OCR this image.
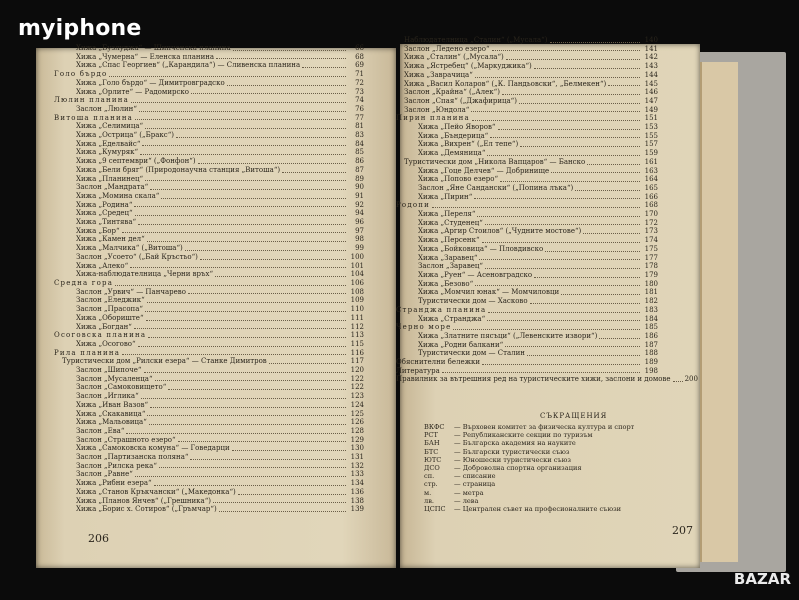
myiphone
Хижа „Бузлуджа“ — Шипченска планина	66
Хижа „Чумерна“ — Еленска планина	68
Хижа „Спас Георгиев“ („Карандила“) — Сливенска планина	69
Голо бърдо	71
Хижа „Голо бърдо“ — Димитровградско	72
Хижа „Орлите“ — Радомирско	73
Люлин планина	74
Заслон „Люлин“	76
Витоша планина	77
Хижа „Селимица“	81
Хижа „Острица“ („Бракс“)	83
Хижа „Еделвайс“	84
Хижа „Кумуряк“	85
Хижа „9 септември“ („Фонфон“)	86
Хижа „Бели бряг“ (Природонаучна станция „Витоша“)	87
Хижа „Планинец“	89
Заслон „Мандрата“	90
Хижа „Момина скала“	91
Хижа „Родина“	92
Хижа „Средец“	94
Хижа „Тинтява“	96
Хижа „Бор“	97
Хижа „Камен дел“	98
Хижа „Малчика“ („Витоша“)	99
Заслон „Усоето“ („Бай Кръстьо“)	100
Хижа „Алеко“	101
Хижа-наблюдателница „Черни връх“	104
Средна гора	106
Заслон „Урвич“ — Панчарево	108
Заслон „Еледжик“	109
Заслон „Прасопа“	110
Хижа „Обориште“	111
Хижа „Богдан“	112
Осоговска планина	113
Хижа „Осогово“	115
Рила планина	116
Туристически дом „Рилски езера“ — Станке Димитров	117
Заслон „Шипоче“	120
Заслон „Мусаленца“	122
Заслон „Самоковището“	122
Заслон „Иглика“	123
Хижа „Иван Вазов“	124
Хижа „Скакавица“	125
Хижа „Мальовица“	126
Заслон „Ева“	128
Заслон „Страшното езеро“	129
Хижа „Самоковска комуна“ — Говедарци	130
Заслон „Партизанска поляна“	131
Заслон „Рилска река“	132
Заслон „Равне“	133
Хижа „Рибни езера“	134
Хижа „Станов Кръкчански“ („Македонка“)	136
Хижа „Планов Янчев“ („Грешника“)	138
Хижа „Борис х. Сотиров“ („Гръмчар“)	139
Наблюдателница „Сталин“ („Мусала“)	140
Заслон „Ледено езеро“	141
Хижа „Сталин“ („Мусала“)	142
Хижа „Ястребец“ („Маркуджика“)	143
Хижа „Заврачица“	144
Хижа „Васил Коларов“ („К. Пандьовски“, „Белмекен“)	145
Заслон „Крайна“ („Алек“)	146
Заслон „Спая“ („Джафирица“)	147
Заслон „Юндола“	149
Пирин планина	151
Хижа „Пейо Яворов“	153
Хижа „Бъндерица“	155
Хижа „Вихрен“ („Ел тепе“)	157
Хижа „Демяница“	159
Туристически дом „Никола Вапцаров“ — Банско	161
Хижа „Гоце Делчев“ — Добринище	163
Хижа „Попово езеро“	164
Заслон „Яне Сандански“ („Попина лъка“)	165
Хижа „Пирин“	166
Родопи	168
Хижа „Переля“	170
Хижа „Студенец“	172
Хижа „Аргир Стоилов“ („Чудните мостове“)	173
Хижа „Персенк“	174
Хижа „Бойковица“ — Пловдивско	175
Хижа „Заравец“	177
Заслон „Заравец“	178
Хижа „Руен“ — Асеновградско	179
Хижа „Безово“	180
Хижа „Момчил юнак“ — Момчиловци	181
Туристически дом — Хасково	182
Странджа планина	183
Хижа „Странджа“	184
Черно море	185
Хижа „Златните пясъци“ („Левенските извори“)	186
Хижа „Родни балкани“	187
Туристически дом — Сталин	188
Обяснителни бележки	189
Литература	198
Правилник за вътрешния ред на туристическите хижи, заслони и домове 200
206
207
СЪКРАЩЕНИЯ
ВКФС	— Върховен комитет за физическа култура и спорт
РСТ	— Републиканските секции по туризъм
БАН	— Българска академия на науките
БТС	— Български туристически съюз
ЮТС	— Юношески туристически съюз
ДСО	— Доброволна спортна организация
сп.	— списание
стр.	— страница
м.	— метра
лв.	— лева
ЦСПС	— Централен съвет на професионалните съюзи
BAZAR
